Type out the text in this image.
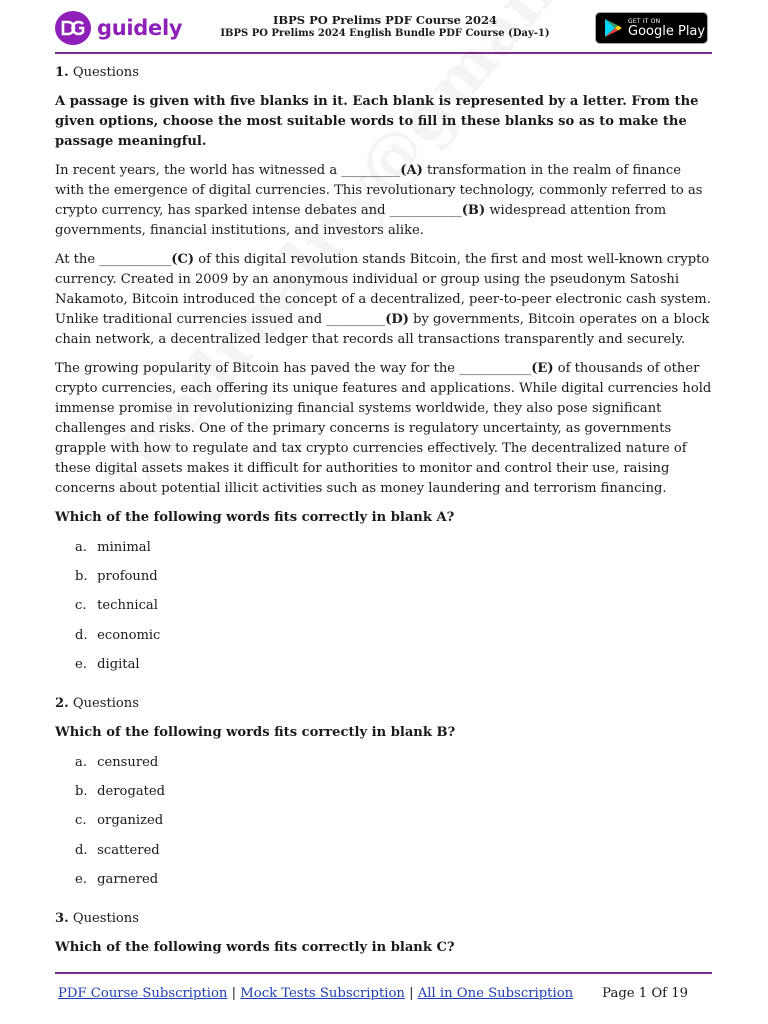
guidely	IBPS PO Prelims PDF Course 2024
IBPS PO Prelims 2024 English Bundle PDF Course (Day-1)
GET IT ON
Google Play

1. Questions

A passage is given with five blanks in it. Each blank is represented by a letter. From the given options, choose the most suitable words to fill in these blanks so as to make the passage meaningful.

In recent years, the world has witnessed a _________(A) transformation in the realm of finance with the emergence of digital currencies. This revolutionary technology, commonly referred to as crypto currency, has sparked intense debates and ___________(B) widespread attention from governments, financial institutions, and investors alike.

At the ___________(C) of this digital revolution stands Bitcoin, the first and most well-known crypto currency. Created in 2009 by an anonymous individual or group using the pseudonym Satoshi Nakamoto, Bitcoin introduced the concept of a decentralized, peer-to-peer electronic cash system. Unlike traditional currencies issued and _________(D) by governments, Bitcoin operates on a block chain network, a decentralized ledger that records all transactions transparently and securely.

The growing popularity of Bitcoin has paved the way for the ___________(E) of thousands of other crypto currencies, each offering its unique features and applications. While digital currencies hold immense promise in revolutionizing financial systems worldwide, they also pose significant challenges and risks. One of the primary concerns is regulatory uncertainty, as governments grapple with how to regulate and tax crypto currencies effectively. The decentralized nature of these digital assets makes it difficult for authorities to monitor and control their use, raising concerns about potential illicit activities such as money laundering and terrorism financing.

Which of the following words fits correctly in blank A?

a. minimal
b. profound
c. technical
d. economic
e. digital

2. Questions

Which of the following words fits correctly in blank B?

a. censured
b. derogated
c. organized
d. scattered
e. garnered

3. Questions

Which of the following words fits correctly in blank C?

PDF Course Subscription | Mock Tests Subscription | All in One Subscription Page 1 Of 19
